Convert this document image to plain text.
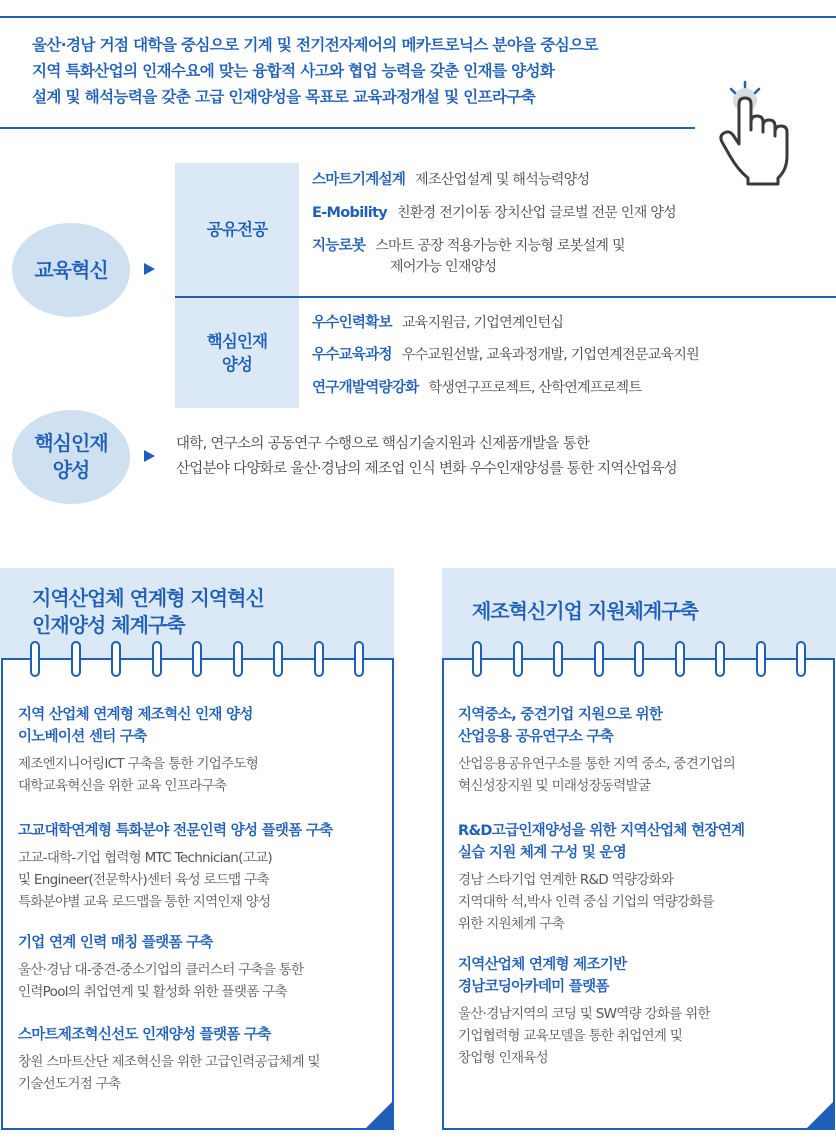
울산·경남 거점 대학을 중심으로 기계 및 전기전자제어의 메카트로닉스 분야을 중심으로
지역 특화산업의 인재수요에 맞는 융합적 사고와 협업 능력을 갖춘 인재를 양성화
설계 및 해석능력을 갖춘 고급 인재양성을 목표로 교육과정개설 및 인프라구축
교육혁신
공유전공
스마트기계설계 제조산업설계 및 해석능력양성
E-Mobility 친환경 전기이동 장치산업 글로벌 전문 인재 양성
지능로봇 스마트 공장 적용가능한 지능형 로봇설계 및
제어가능 인재양성
핵심인재
양성
우수인력확보 교육지원금, 기업연계인턴십
우수교육과정 우수교원선발, 교육과정개발, 기업연계전문교육지원
연구개발역량강화 학생연구프로젝트, 산학연계프로젝트
핵심인재
양성
대학, 연구소의 공동연구 수행으로 핵심기술지원과 신제품개발을 통한
산업분야 다양화로 울산·경남의 제조업 인식 변화 우수인재양성를 통한 지역산업육성
지역산업체 연계형 지역혁신
인재양성 체계구축
지역 산업체 연계형 제조혁신 인재 양성
이노베이션 센터 구축
제조엔지니어링ICT 구축을 통한 기업주도형
대학교육혁신을 위한 교육 인프라구축
고교대학연계형 특화분야 전문인력 양성 플랫폼 구축
고교-대학-기업 협력형 MTC Technician(고교)
및 Engineer(전문학사)센터 육성 로드맵 구축
특화분야별 교육 로드맵을 통한 지역인재 양성
기업 연계 인력 매칭 플랫폼 구축
울산·경남 대-중견-중소기업의 클러스터 구축을 통한
인력Pool의 취업연계 및 활성화 위한 플랫폼 구축
스마트제조혁신선도 인재양성 플랫폼 구축
창원 스마트산단 제조혁신을 위한 고급인력공급체계 및
기술선도거점 구축
제조혁신기업 지원체계구축
지역중소, 중견기업 지원으로 위한
산업응용 공유연구소 구축
산업응용공유연구소를 통한 지역 중소, 중견기업의
혁신성장지원 및 미래성장동력발굴
R&D고급인재양성을 위한 지역산업체 현장연계
실습 지원 체계 구성 및 운영
경남 스타기업 연계한 R&D 역량강화와
지역대학 석,박사 인력 중심 기업의 역량강화를
위한 지원체계 구축
지역산업체 연계형 제조기반
경남코딩아카데미 플랫폼
울산·경남지역의 코딩 및 SW역량 강화를 위한
기업협력형 교육모델을 통한 취업연계 및
창업형 인재육성
